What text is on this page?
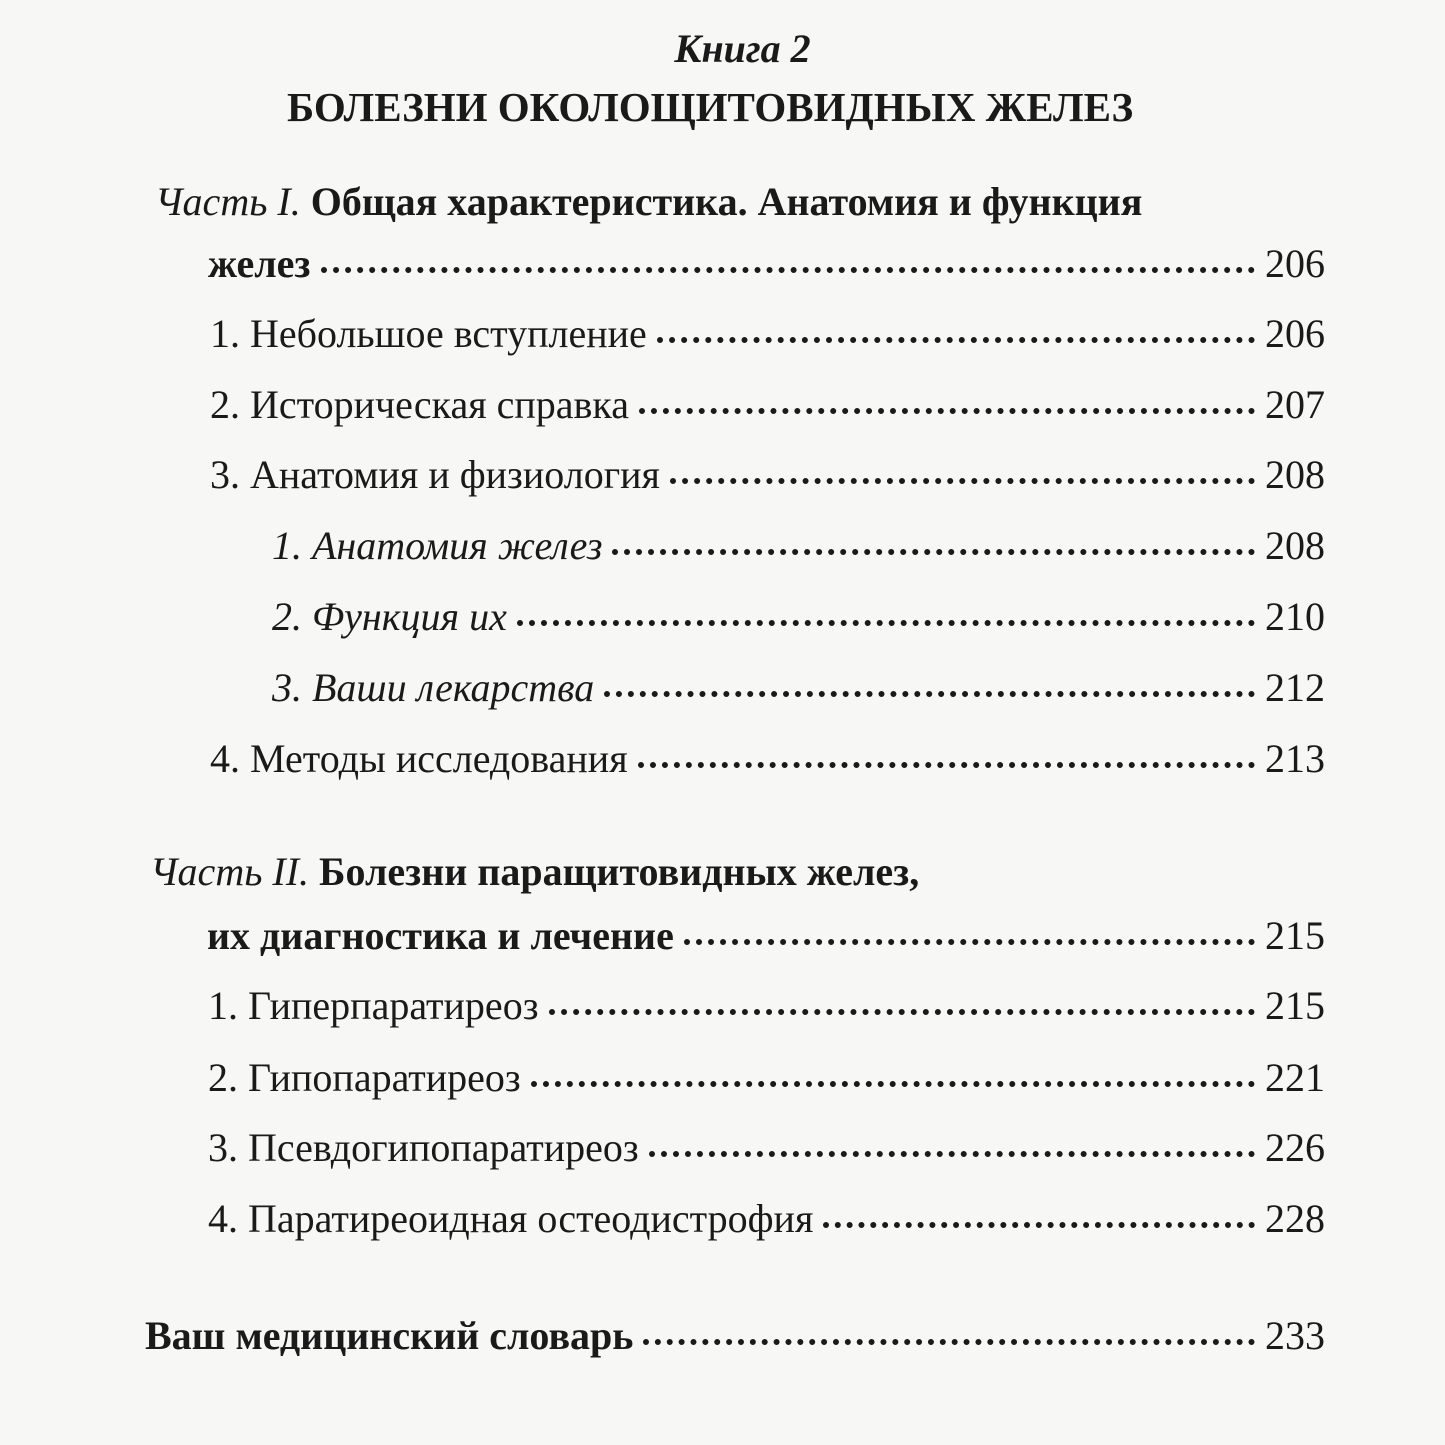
Книга 2
БОЛЕЗНИ ОКОЛОЩИТОВИДНЫХ ЖЕЛЕЗ
Часть I. Общая характеристика. Анатомия и функция
желез	206
1. Небольшое вступление	206
2. Историческая справка	207
3. Анатомия и физиология	208
1. Анатомия желез	208
2. Функция их	210
3. Ваши лекарства	212
4. Методы исследования	213
Часть II. Болезни паращитовидных желез,
их диагностика и лечение	215
1. Гиперпаратиреоз	215
2. Гипопаратиреоз	221
3. Псевдогипопаратиреоз	226
4. Паратиреоидная остеодистрофия	228
Ваш медицинский словарь	233
